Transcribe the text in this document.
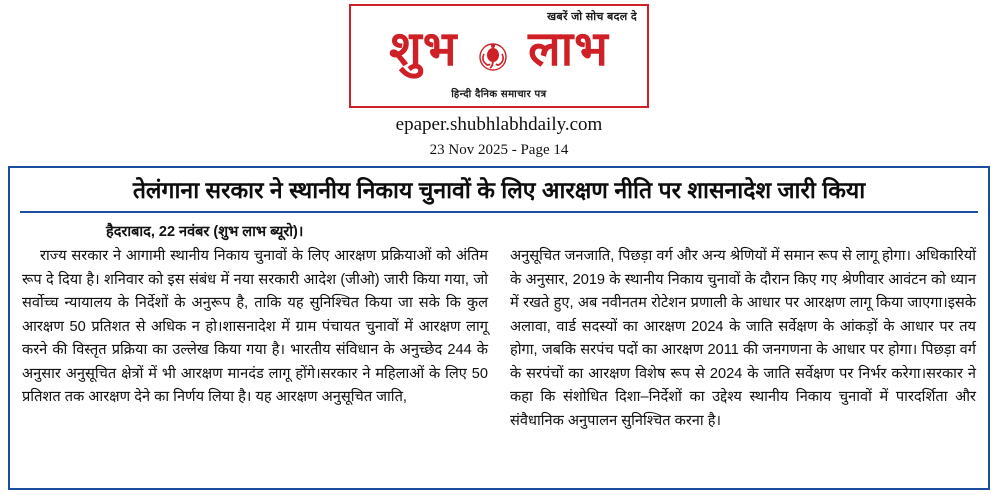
खबरें जो सोच बदल दे
शुभ लाभ
हिन्दी दैनिक समाचार पत्र
epaper.shubhlabhdaily.com
23 Nov 2025 - Page 14
तेलंगाना सरकार ने स्थानीय निकाय चुनावों के लिए आरक्षण नीति पर शासनादेश जारी किया
हैदराबाद, 22 नवंबर (शुभ लाभ ब्यूरो)।

राज्य सरकार ने आगामी स्थानीय निकाय चुनावों के लिए आरक्षण प्रक्रियाओं को अंतिम रूप दे दिया है। शनिवार को इस संबंध में नया सरकारी आदेश (जीओ) जारी किया गया, जो सर्वोच्च न्यायालय के निर्देशों के अनुरूप है, ताकि यह सुनिश्चित किया जा सके कि कुल आरक्षण 50 प्रतिशत से अधिक न हो।शासनादेश में ग्राम पंचायत चुनावों में आरक्षण लागू करने की विस्तृत प्रक्रिया का उल्लेख किया गया है। भारतीय संविधान के अनुच्छेद 244 के अनुसार अनुसूचित क्षेत्रों में भी आरक्षण मानदंड लागू होंगे।सरकार ने महिलाओं के लिए 50 प्रतिशत तक आरक्षण देने का निर्णय लिया है। यह आरक्षण अनुसूचित जाति,

अनुसूचित जनजाति, पिछड़ा वर्ग और अन्य श्रेणियों में समान रूप से लागू होगा। अधिकारियों के अनुसार, 2019 के स्थानीय निकाय चुनावों के दौरान किए गए श्रेणीवार आवंटन को ध्यान में रखते हुए, अब नवीनतम रोटेशन प्रणाली के आधार पर आरक्षण लागू किया जाएगा।इसके अलावा, वार्ड सदस्यों का आरक्षण 2024 के जाति सर्वेक्षण के आंकड़ों के आधार पर तय होगा, जबकि सरपंच पदों का आरक्षण 2011 की जनगणना के आधार पर होगा। पिछड़ा वर्ग के सरपंचों का आरक्षण विशेष रूप से 2024 के जाति सर्वेक्षण पर निर्भर करेगा।सरकार ने कहा कि संशोधित दिशा–निर्देशों का उद्देश्य स्थानीय निकाय चुनावों में पारदर्शिता और संवैधानिक अनुपालन सुनिश्चित करना है।
